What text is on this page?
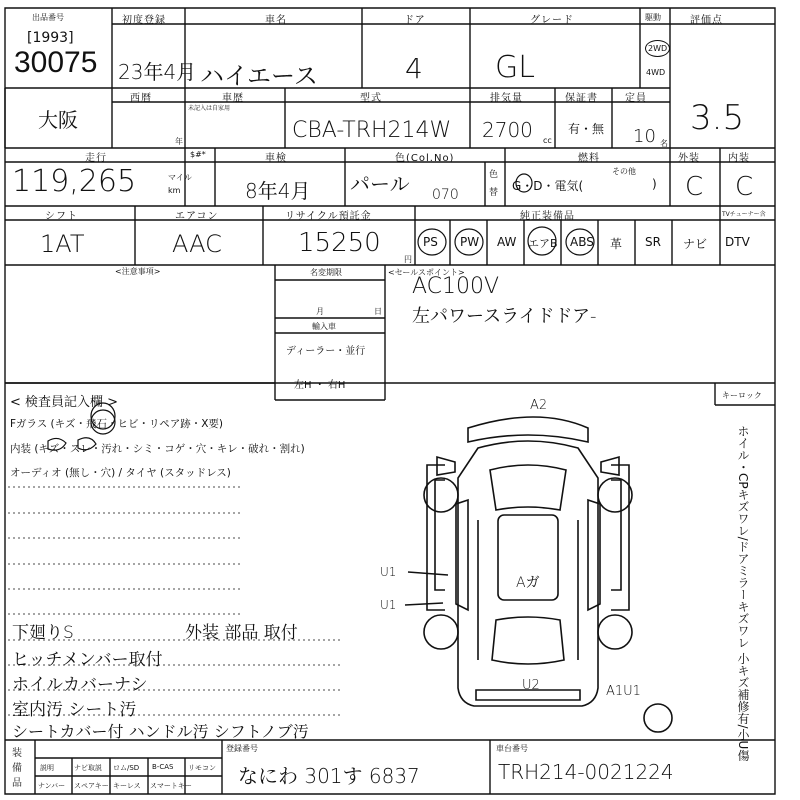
出品番号
[1993]
30075
初度登録
23年4月
車名
ハイエース
ドア
4
グレード
GL
駆動
2WD
4WD
評価点
3.5
大阪
西暦
年
車歴
未記入は自家用
型式
CBA-TRH214W
排気量
2700 cc
保証書
有・無
定員
10 名
走行
119,265	マイル
km
$#*	車検
8年4月
色(Col.No)
パール 070
色替
燃料
G・D・電気(
その他
)
外装
C
内装
C
シフト
1AT
エアコン
AAC
リサイクル預託金
15250
円
純正装備品	TVチューナー含
PS PW AW エアB ABS 革 SR ナビ DTV
<注意事項>	名変期限
月	日
輸入車
ディーラー・並行
左H ・ 右H
<セールスポイント>
AC100V
左パワースライドドア-
< 検査員記入欄 >
Fガラス (キズ・飛石・ヒビ・リペア跡・X要)
内装 (キズ・スレ・汚れ・シミ・コゲ・穴・キレ・破れ・割れ)
オーディオ (無し・穴) / タイヤ (スタッドレス)
下廻りS	外装 部品 取付
ヒッチメンバー取付
ホイルカバーナシ
室内汚 シート汚
シートカバー付 ハンドル汚 シフトノブ汚
キーロック
ホイル・CPキズワレ/ドアミラーキズワレ 小キズ補修有/小U傷
A2
U1
U1
Aガ
U2	A1U1
装備品
説明	ナビ取説 ロム/SD B-CAS リモコン
ナンバー スペアキー キーレス スマートキー
登録番号
なにわ 301す 6837
車台番号
TRH214-0021224
